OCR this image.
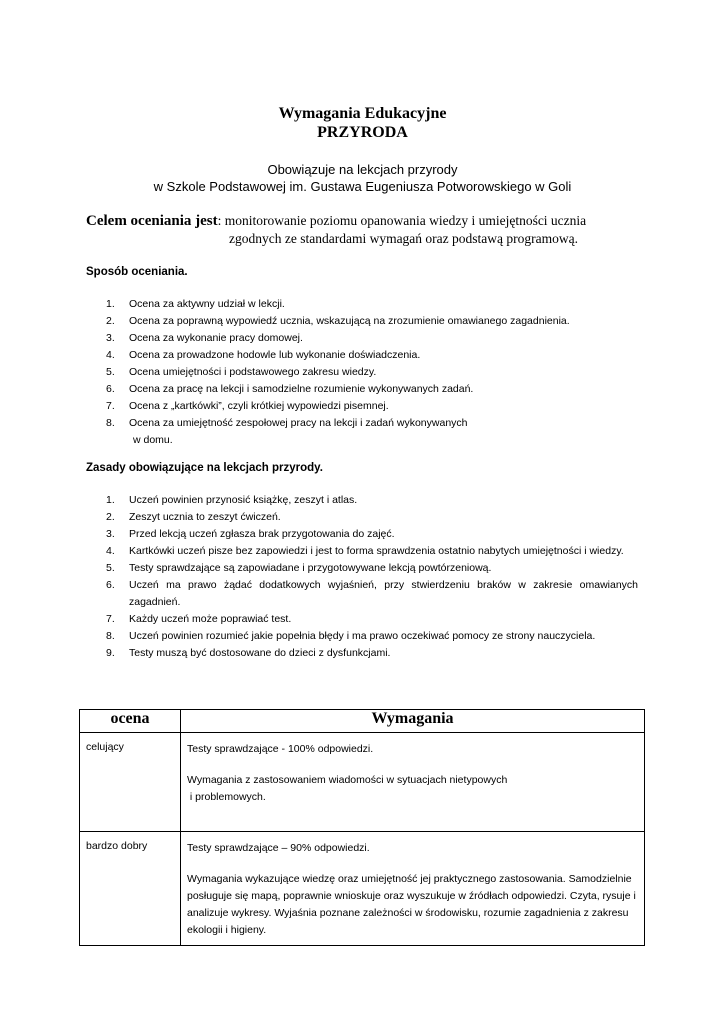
Wymagania Edukacyjne
PRZYRODA
Obowiązuje na lekcjach przyrody
w Szkole Podstawowej im. Gustawa Eugeniusza Potworowskiego w Goli
Celem oceniania jest: monitorowanie poziomu opanowania wiedzy i umiejętności ucznia
zgodnych ze standardami wymagań oraz podstawą programową.
Sposób oceniania.
1.	Ocena za aktywny udział w lekcji.
2.	Ocena za poprawną wypowiedź ucznia, wskazującą na zrozumienie omawianego zagadnienia.
3.	Ocena za wykonanie pracy domowej.
4.	Ocena za prowadzone hodowle lub wykonanie doświadczenia.
5.	Ocena umiejętności i podstawowego zakresu wiedzy.
6.	Ocena za pracę na lekcji i samodzielne rozumienie wykonywanych zadań.
7.	Ocena z „kartkówki”, czyli krótkiej wypowiedzi pisemnej.
8.	Ocena za umiejętność zespołowej pracy na lekcji i zadań wykonywanych
w domu.
Zasady obowiązujące na lekcjach przyrody.
1.	Uczeń powinien przynosić książkę, zeszyt i atlas.
2.	Zeszyt ucznia to zeszyt ćwiczeń.
3.	Przed lekcją uczeń zgłasza brak przygotowania do zajęć.
4.	Kartkówki uczeń pisze bez zapowiedzi i jest to forma sprawdzenia ostatnio nabytych umiejętności i wiedzy.
5.	Testy sprawdzające są zapowiadane i przygotowywane lekcją powtórzeniową.
6.	Uczeń ma prawo żądać dodatkowych wyjaśnień, przy stwierdzeniu braków w zakresie omawianych zagadnień.
7.	Każdy uczeń może poprawiać test.
8.	Uczeń powinien rozumieć jakie popełnia błędy i ma prawo oczekiwać pomocy ze strony nauczyciela.
9.	Testy muszą być dostosowane do dzieci z dysfunkcjami.
ocena	Wymagania
celujący	Testy sprawdzające - 100% odpowiedzi.

Wymagania z zastosowaniem wiadomości w sytuacjach nietypowych

i problemowych.

bardzo dobry	Testy sprawdzające – 90% odpowiedzi.

Wymagania wykazujące wiedzę oraz umiejętność jej praktycznego zastosowania. Samodzielnie posługuje się mapą, poprawnie wnioskuje oraz wyszukuje w źródłach odpowiedzi. Czyta, rysuje i analizuje wykresy. Wyjaśnia poznane zależności w środowisku, rozumie zagadnienia z zakresu ekologii i higieny.
